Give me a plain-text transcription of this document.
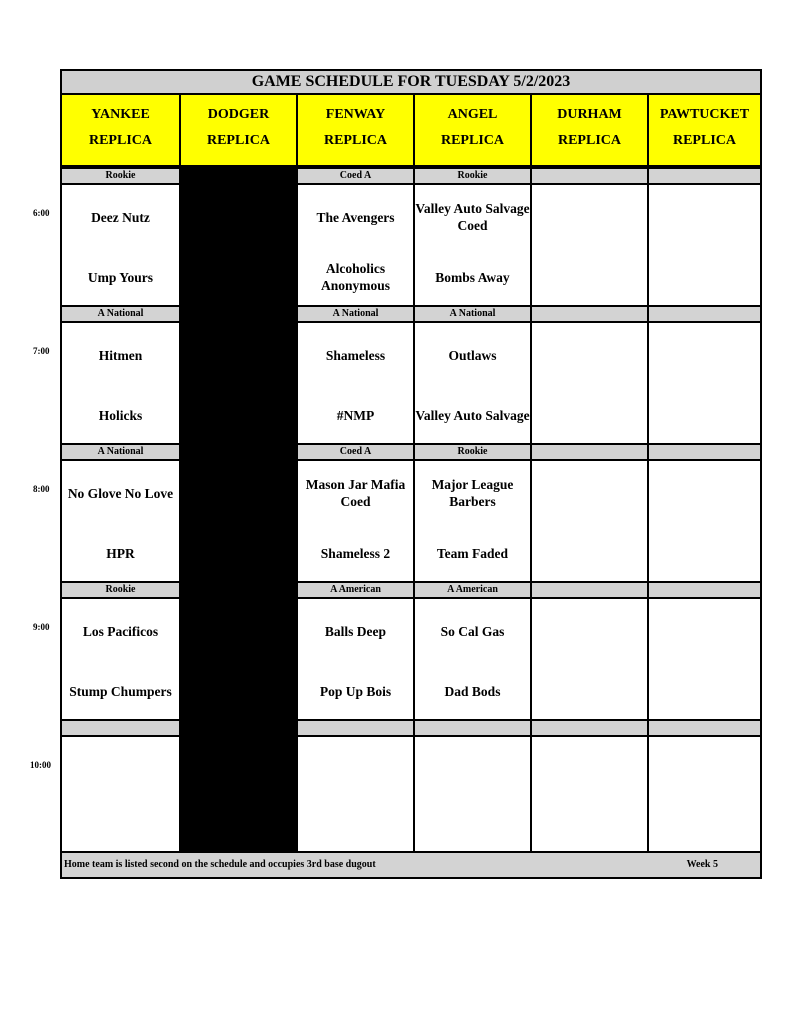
GAME SCHEDULE FOR TUESDAY 5/2/2023
YANKEE
REPLICA
Rookie
Deez Nutz
Ump Yours
A National
Hitmen
Holicks
A National
No Glove No Love
HPR
Rookie
Los Pacificos
Stump Chumpers
DODGER
REPLICA
FENWAY
REPLICA
Coed A
The Avengers
Alcoholics Anonymous
A National
Shameless
#NMP
Coed A
Mason Jar Mafia Coed
Shameless 2
A American
Balls Deep
Pop Up Bois
ANGEL
REPLICA
Rookie
Valley Auto Salvage Coed
Bombs Away
A National
Outlaws
Valley Auto Salvage
Rookie
Major League Barbers
Team Faded
A American
So Cal Gas
Dad Bods
DURHAM
REPLICA
PAWTUCKET
REPLICA
Home team is listed second on the schedule and occupies 3rd base dugout	Week 5
6:00
7:00
8:00
9:00
10:00
